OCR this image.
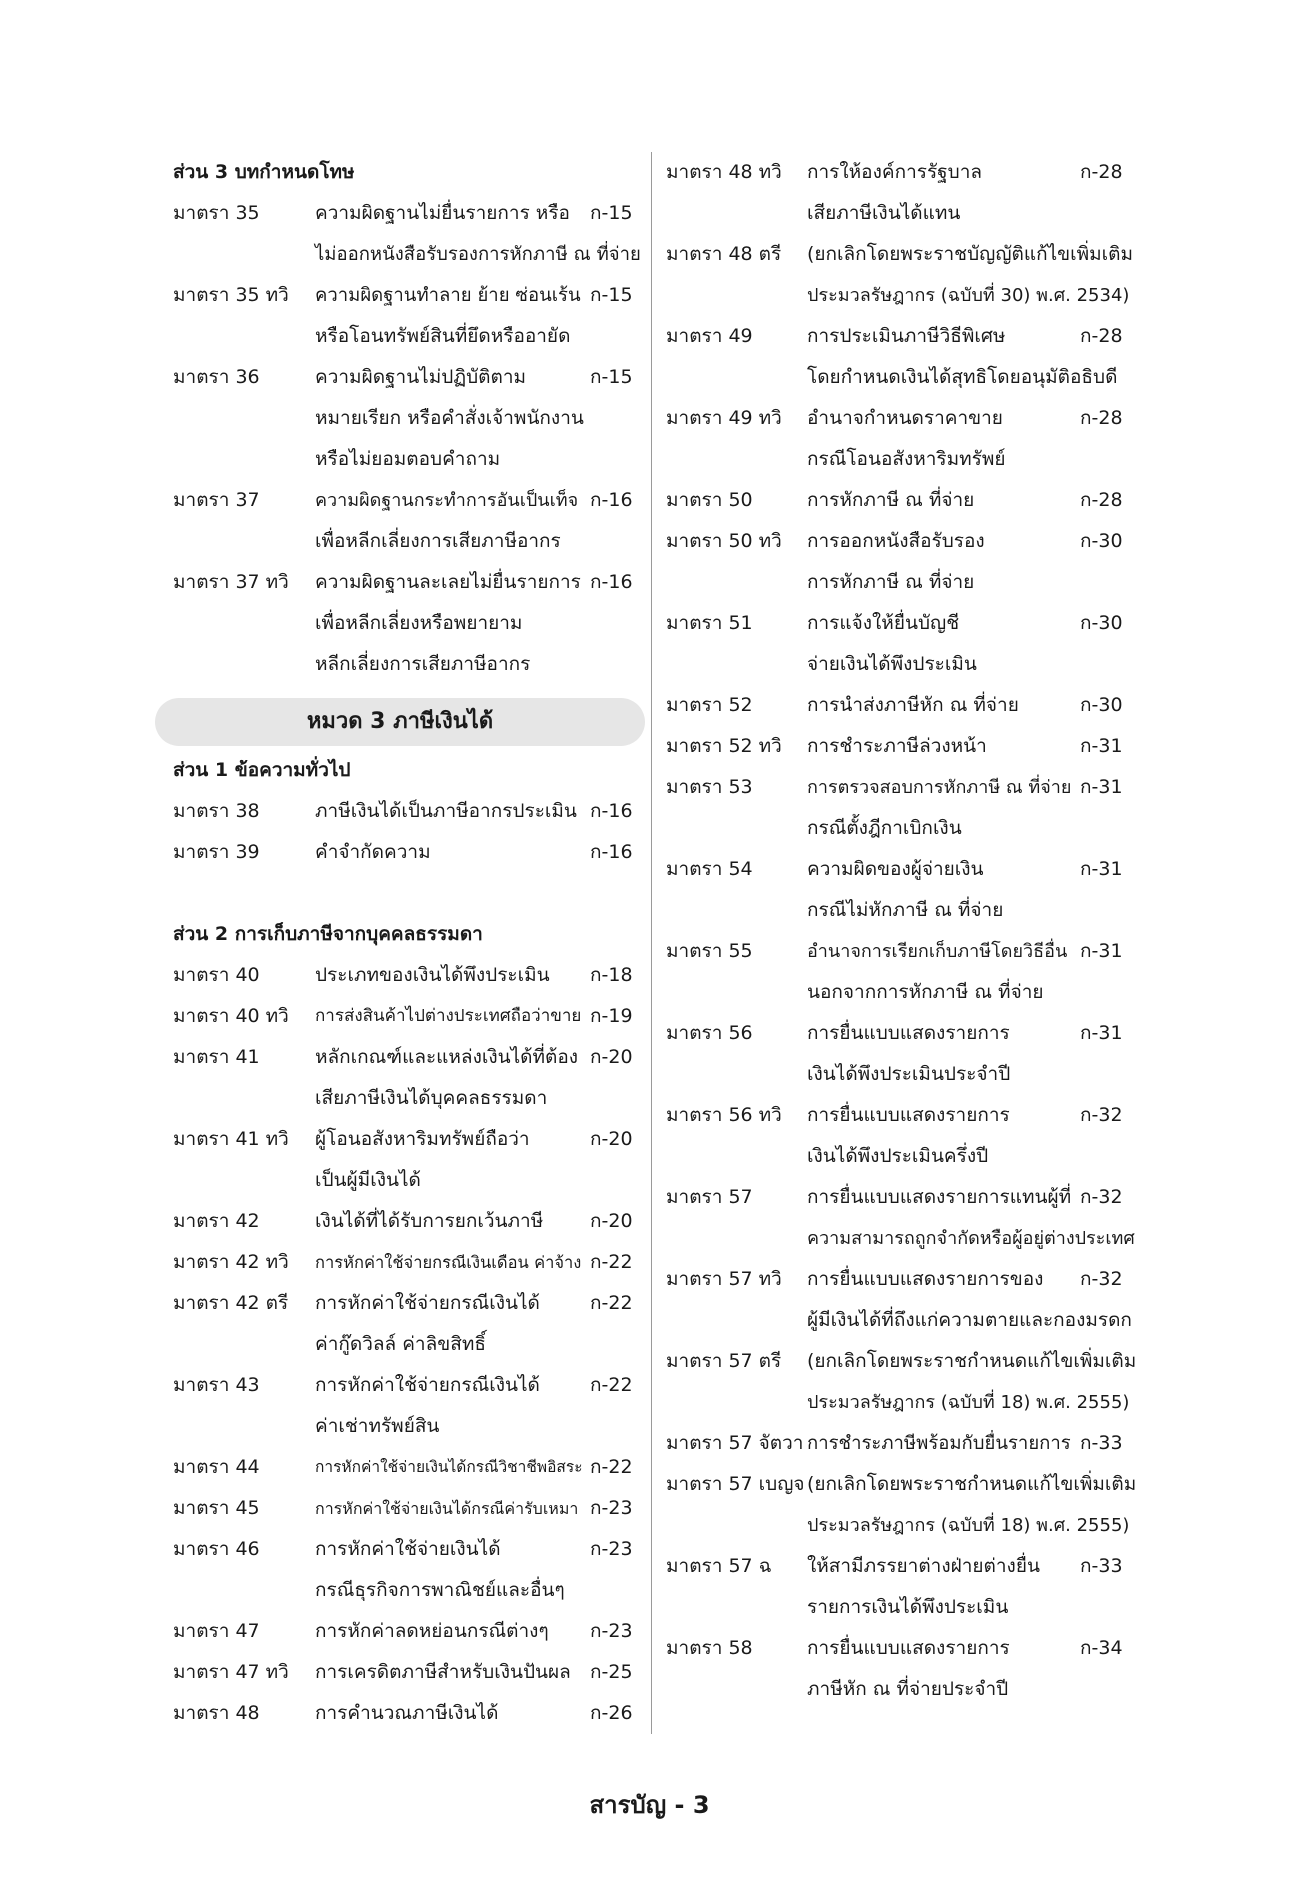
ส่วน 3 บทกำหนดโทษ
มาตรา 35	ความผิดฐานไม่ยื่นรายการ หรือ ก-15
ไม่ออกหนังสือรับรองการหักภาษี ณ ที่จ่าย
มาตรา 35 ทวิ ความผิดฐานทำลาย ย้าย ซ่อนเร้น ก-15
หรือโอนทรัพย์สินที่ยึดหรืออายัด
มาตรา 36	ความผิดฐานไม่ปฏิบัติตาม	ก-15
หมายเรียก หรือคำสั่งเจ้าพนักงาน
หรือไม่ยอมตอบคำถาม
มาตรา 37	ความผิดฐานกระทำการอันเป็นเท็จ ก-16
เพื่อหลีกเลี่ยงการเสียภาษีอากร
มาตรา 37 ทวิ ความผิดฐานละเลยไม่ยื่นรายการ ก-16
เพื่อหลีกเลี่ยงหรือพยายาม
หลีกเลี่ยงการเสียภาษีอากร
หมวด 3 ภาษีเงินได้
ส่วน 1 ข้อความทั่วไป
มาตรา 38	ภาษีเงินได้เป็นภาษีอากรประเมิน ก-16
มาตรา 39	คำจำกัดความ	ก-16
ส่วน 2 การเก็บภาษีจากบุคคลธรรมดา
มาตรา 40	ประเภทของเงินได้พึงประเมิน ก-18
มาตรา 40 ทวิ การส่งสินค้าไปต่างประเทศถือว่าขาย ก-19
มาตรา 41	หลักเกณฑ์และแหล่งเงินได้ที่ต้อง ก-20
เสียภาษีเงินได้บุคคลธรรมดา
มาตรา 41 ทวิ ผู้โอนอสังหาริมทรัพย์ถือว่า	ก-20
เป็นผู้มีเงินได้
มาตรา 42	เงินได้ที่ได้รับการยกเว้นภาษี ก-20
มาตรา 42 ทวิ การหักค่าใช้จ่ายกรณีเงินเดือน ค่าจ้าง ก-22
มาตรา 42 ตรี การหักค่าใช้จ่ายกรณีเงินได้	ก-22
ค่ากู๊ดวิลล์ ค่าลิขสิทธิ์
มาตรา 43	การหักค่าใช้จ่ายกรณีเงินได้	ก-22
ค่าเช่าทรัพย์สิน
มาตรา 44	การหักค่าใช้จ่ายเงินได้กรณีวิชาชีพอิสระ ก-22
มาตรา 45	การหักค่าใช้จ่ายเงินได้กรณีค่ารับเหมา ก-23
มาตรา 46	การหักค่าใช้จ่ายเงินได้	ก-23
กรณีธุรกิจการพาณิชย์และอื่นๆ
มาตรา 47	การหักค่าลดหย่อนกรณีต่างๆ ก-23
มาตรา 47 ทวิ การเครดิตภาษีสำหรับเงินปันผล ก-25
มาตรา 48	การคำนวณภาษีเงินได้	ก-26
มาตรา 48 ทวิ การให้องค์การรัฐบาล	ก-28
เสียภาษีเงินได้แทน
มาตรา 48 ตรี (ยกเลิกโดยพระราชบัญญัติแก้ไขเพิ่มเติม
ประมวลรัษฎากร (ฉบับที่ 30) พ.ศ. 2534)
มาตรา 49	การประเมินภาษีวิธีพิเศษ	ก-28
โดยกำหนดเงินได้สุทธิโดยอนุมัติอธิบดี
มาตรา 49 ทวิ อำนาจกำหนดราคาขาย	ก-28
กรณีโอนอสังหาริมทรัพย์
มาตรา 50	การหักภาษี ณ ที่จ่าย	ก-28
มาตรา 50 ทวิ การออกหนังสือรับรอง	ก-30
การหักภาษี ณ ที่จ่าย
มาตรา 51	การแจ้งให้ยื่นบัญชี	ก-30
จ่ายเงินได้พึงประเมิน
มาตรา 52	การนำส่งภาษีหัก ณ ที่จ่าย	ก-30
มาตรา 52 ทวิ การชำระภาษีล่วงหน้า	ก-31
มาตรา 53	การตรวจสอบการหักภาษี ณ ที่จ่าย ก-31
กรณีตั้งฎีกาเบิกเงิน
มาตรา 54	ความผิดของผู้จ่ายเงิน	ก-31
กรณีไม่หักภาษี ณ ที่จ่าย
มาตรา 55	อำนาจการเรียกเก็บภาษีโดยวิธีอื่น ก-31
นอกจากการหักภาษี ณ ที่จ่าย
มาตรา 56	การยื่นแบบแสดงรายการ	ก-31
เงินได้พึงประเมินประจำปี
มาตรา 56 ทวิ การยื่นแบบแสดงรายการ	ก-32
เงินได้พึงประเมินครึ่งปี
มาตรา 57	การยื่นแบบแสดงรายการแทนผู้ที่ ก-32
ความสามารถถูกจำกัดหรือผู้อยู่ต่างประเทศ
มาตรา 57 ทวิ การยื่นแบบแสดงรายการของ ก-32
ผู้มีเงินได้ที่ถึงแก่ความตายและกองมรดก
มาตรา 57 ตรี (ยกเลิกโดยพระราชกำหนดแก้ไขเพิ่มเติม
ประมวลรัษฎากร (ฉบับที่ 18) พ.ศ. 2555)
มาตรา 57 จัตวา การชำระภาษีพร้อมกับยื่นรายการ ก-33
มาตรา 57 เบญจ (ยกเลิกโดยพระราชกำหนดแก้ไขเพิ่มเติม
ประมวลรัษฎากร (ฉบับที่ 18) พ.ศ. 2555)
มาตรา 57 ฉ ให้สามีภรรยาต่างฝ่ายต่างยื่น ก-33
รายการเงินได้พึงประเมิน
มาตรา 58	การยื่นแบบแสดงรายการ	ก-34
ภาษีหัก ณ ที่จ่ายประจำปี
สารบัญ - 3
